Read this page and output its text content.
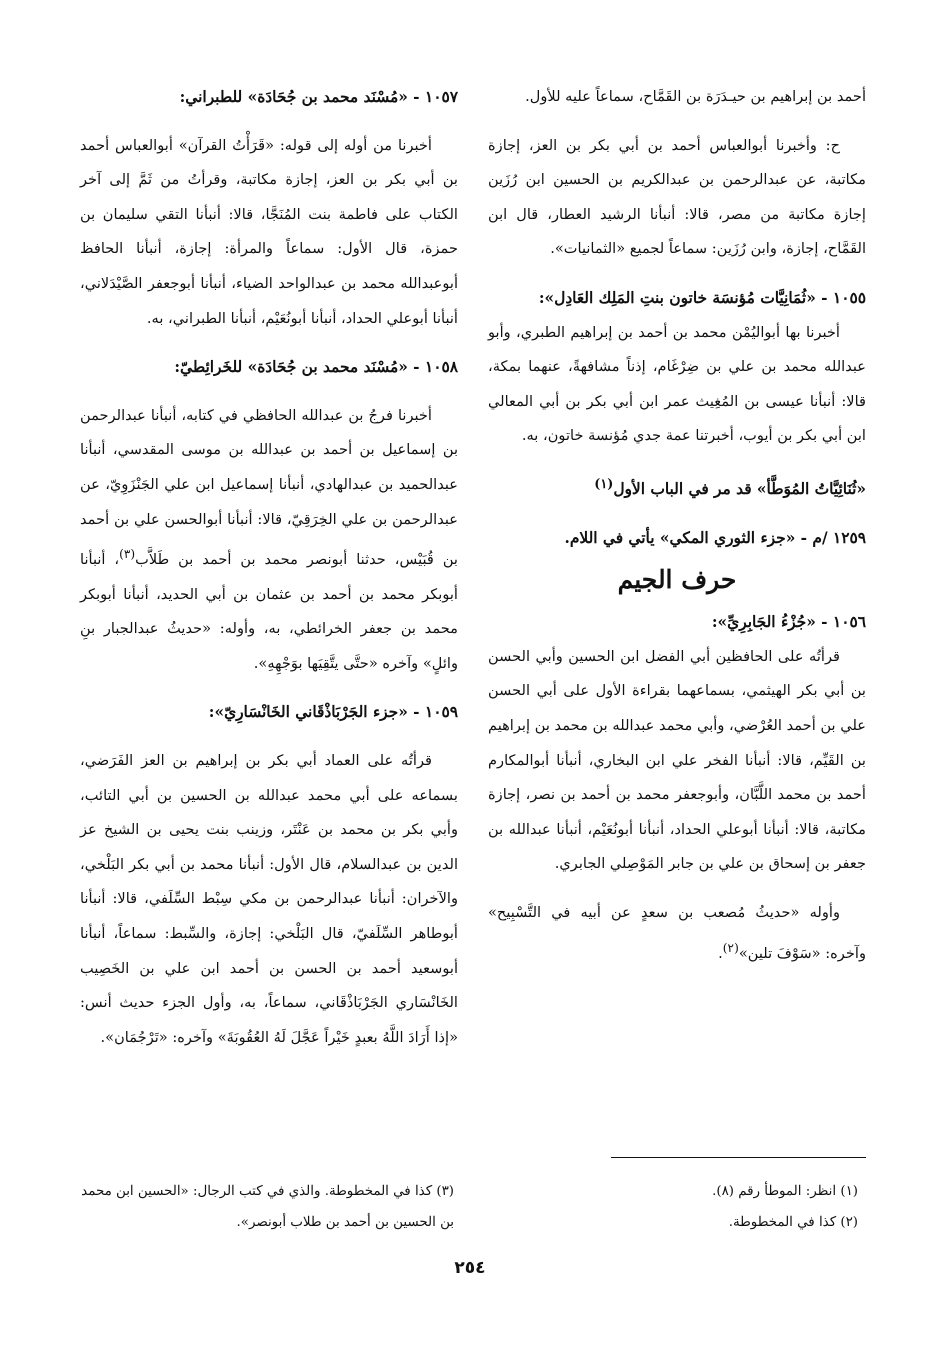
أحمد بن إبراهيم بن حيـدَرَة بن القَمَّاح، سماعاً عليه للأول.

ح: وأخبرنا أبوالعباس أحمد بن أبي بكر بن العز، إجازة مكاتبة، عن عبدالرحمن بن عبدالكريم بن الحسين ابن رُزَين إجازة مكاتبة من مصر، قالا: أنبأنا الرشيد العطار، قال ابن القَمَّاح، إجازة، وابن رُزَين: سماعاً لجميع «الثمانيات».

١٠٥٥ - «ثُمَانِيَّات مُؤنسَة خاتون بنتِ المَلِك العَادِل»:

أخبرنا بها أبواليُمْن محمد بن أحمد بن إبراهيم الطبري، وأبو عبدالله محمد بن علي بن ضِرْغَام، إذناً مشافهةً، عنهما بمكة، قالا: أنبأنا عيسى بن المُغِيث عمر ابن أبي بكر بن أبي المعالي ابن أبي بكر بن أيوب، أخبرتنا عمة جدي مُؤنسة خاتون، به.

«ثُنَائِيَّاتُ المُوَطَّأ» قد مر في الباب الأول$^{(١)}$

١٢٥٩ /م - «جزء الثوري المكي» يأتي في اللام.

حرف الجيم

١٠٥٦ - «جُزْءُ الجَابِرِيِّ»:

قرأتُه على الحافظين أبي الفضل ابن الحسين وأبي الحسن بن أبي بكر الهيثمي، بسماعهما بقراءة الأول على أبي الحسن علي بن أحمد العُرْضي، وأبي محمد عبدالله بن محمد بن إبراهيم بن القَيِّم، قالا: أنبأنا الفخر علي ابن البخاري، أنبأنا أبوالمكارم أحمد بن محمد اللَّبَّان، وأبوجعفر محمد بن أحمد بن نصر، إجازة مكاتبة، قالا: أنبأنا أبوعلي الحداد، أنبأنا أبونُعَيْم، أنبأنا عبدالله بن جعفر بن إسحاق بن علي بن جابر المَوْصِلي الجابري.

وأوله «حديثُ مُصعب بن سعدٍ عن أبيه في التَّسْبِيح» وآخره: «سَوْفَ تلين»$^{(٢)}$.

١٠٥٧ - «مُسْنَد محمد بن جُحَادَة» للطبراني:

أخبرنا من أوله إلى قوله: «قَرَأْتُ القرآن» أبوالعباس أحمد بن أبي بكر بن العز، إجازة مكاتبة، وقرأتُ من ثَمَّ إلى آخر الكتاب على فاطمة بنت المُنَجَّا، قالا: أنبأنا التقي سليمان بن حمزة، قال الأول: سماعاً والمرأة: إجازة، أنبأنا الحافظ أبوعبدالله محمد بن عبدالواحد الضياء، أنبأنا أبوجعفر الصَّيْدَلاني، أنبأنا أبوعلي الحداد، أنبأنا أبونُعَيْم، أنبأنا الطبراني، به.

١٠٥٨ - «مُسْنَد محمد بن جُحَادَة» للخَرائِطيّ:

أخبرنا فرجُ بن عبدالله الحافظي في كتابه، أنبأنا عبدالرحمن بن إسماعيل بن أحمد بن عبدالله بن موسى المقدسي، أنبأنا عبدالحميد بن عبدالهادي، أنبأنا إسماعيل ابن علي الجَنْزَوِيّ، عن عبدالرحمن بن علي الخِرَقِيّ، قالا: أنبأنا أبوالحسن علي بن أحمد بن قُبَيْس، حدثنا أبونصر محمد بن أحمد بن طَلاَّب$^{(٣)}$، أنبأنا أبوبكر محمد بن أحمد بن عثمان بن أبي الحديد، أنبأنا أبوبكر محمد بن جعفر الخرائطي، به، وأوله: «حديثُ عبدالجبار بنِ وائلٍ» وآخره «حتَّى يتَّقِيَها بوَجْهِهِ».

١٠٥٩ - «جزء الجَرْبَاذْقَاني الخَانْسَارِيّ»:

قرأتُه على العماد أبي بكر بن إبراهيم بن العز الفَرَضي، بسماعه على أبي محمد عبدالله بن الحسين بن أبي التائب، وأبي بكر بن محمد بن عَنْتَر، وزينب بنت يحيى بن الشيخ عز الدين بن عبدالسلام، قال الأول: أنبأنا محمد بن أبي بكر البَلْخي، والآخران: أنبأنا عبدالرحمن بن مكي سِبْط السِّلَفي، قالا: أنبأنا أبوطاهر السِّلَفيّ، قال البَلْخي: إجازة، والسِّبط: سماعاً، أنبأنا أبوسعيد أحمد بن الحسن بن أحمد ابن علي بن الخَصِيب الخَانْسَاري الجَرْبَاذْقَاني، سماعاً، به، وأول الجزء حديث أنس: «إذا أَرَادَ اللَّهُ بعبدٍ خَيْراً عَجَّلَ لَهُ العُقُوبَةَ» وآخره: «تَرْجُمَان».

(١) انظر: الموطأ رقم (٨).

(٢) كذا في المخطوطة.

(٣) كذا في المخطوطة. والذي في كتب الرجال: «الحسين ابن محمد بن الحسين بن أحمد بن طلاب أبونصر».

٢٥٤
